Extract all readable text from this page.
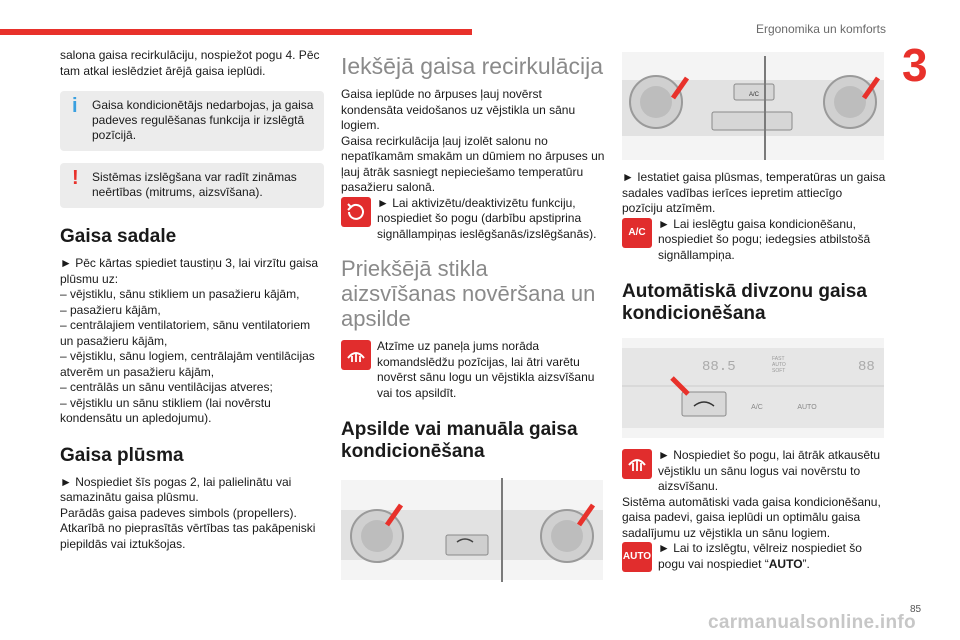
Ergonomika un komforts
3
85

salona gaisa recirkulāciju, nospiežot pogu 4. Pēc tam atkal ieslēdziet ārējā gaisa ieplūdi.

i Gaisa kondicionētājs nedarbojas, ja gaisa padeves regulēšanas funkcija ir izslēgtā pozīcijā.
! Sistēmas izslēgšana var radīt zināmas neērtības (mitrums, aizsvīšana).
Gaisa sadale

► Pēc kārtas spiediet taustiņu 3, lai virzītu gaisa plūsmu uz:

– vējstiklu, sānu stikliem un pasažieru kājām,

– pasažieru kājām,

– centrālajiem ventilatoriem, sānu ventilatoriem un pasažieru kājām,

– vējstiklu, sānu logiem, centrālajām ventilācijas atverēm un pasažieru kājām,

– centrālās un sānu ventilācijas atveres;

– vējstiklu un sānu stikliem (lai novērstu kondensātu un apledojumu).

Gaisa plūsma

► Nospiediet šīs pogas 2, lai palielinātu vai samazinātu gaisa plūsmu.

Parādās gaisa padeves simbols (propellers).

Atkarībā no pieprasītās vērtības tas pakāpeniski piepildās vai iztukšojas.

Iekšējā gaisa recirkulācija

Gaisa ieplūde no ārpuses ļauj novērst kondensāta veidošanos uz vējstikla un sānu logiem.

Gaisa recirkulācija ļauj izolēt salonu no nepatīkamām smakām un dūmiem no ārpuses un ļauj ātrāk sasniegt nepieciešamo temperatūru pasažieru salonā.

► Lai aktivizētu/deaktivizētu funkciju, nospiediet šo pogu (darbību apstiprina signāllampiņas ieslēgšanās/izslēgšanās).
Priekšējā stikla aizsvīšanas novēršana un apsilde
Atzīme uz paneļa jums norāda komandslēdžu pozīcijas, lai ātri varētu novērst sānu logu un vējstikla aizsvīšanu vai tos apsildīt.
Apsilde vai manuāla gaisa kondicionēšana
A/C

► Iestatiet gaisa plūsmas, temperatūras un gaisa sadales vadības ierīces iepretim attiecīgo pozīciju atzīmēm.

A/C
► Lai ieslēgtu gaisa kondicionēšanu, nospiediet šo pogu; iedegsies atbilstošā signāllampiņa.
Automātiskā divzonu gaisa kondicionēšana
88.5	FAST
AUTO
SOFT	88
A/C	AUTO
► Nospiediet šo pogu, lai ātrāk atkausētu vējstiklu un sānu logus vai novērstu to aizsvīšanu.

Sistēma automātiski vada gaisa kondicionēšanu, gaisa padevi, gaisa ieplūdi un optimālu gaisa sadalījumu uz vējstikla un sānu logiem.

AUTO
► Lai to izslēgtu, vēlreiz nospiediet šo pogu vai nospiediet “AUTO”.
carmanualsonline.info
